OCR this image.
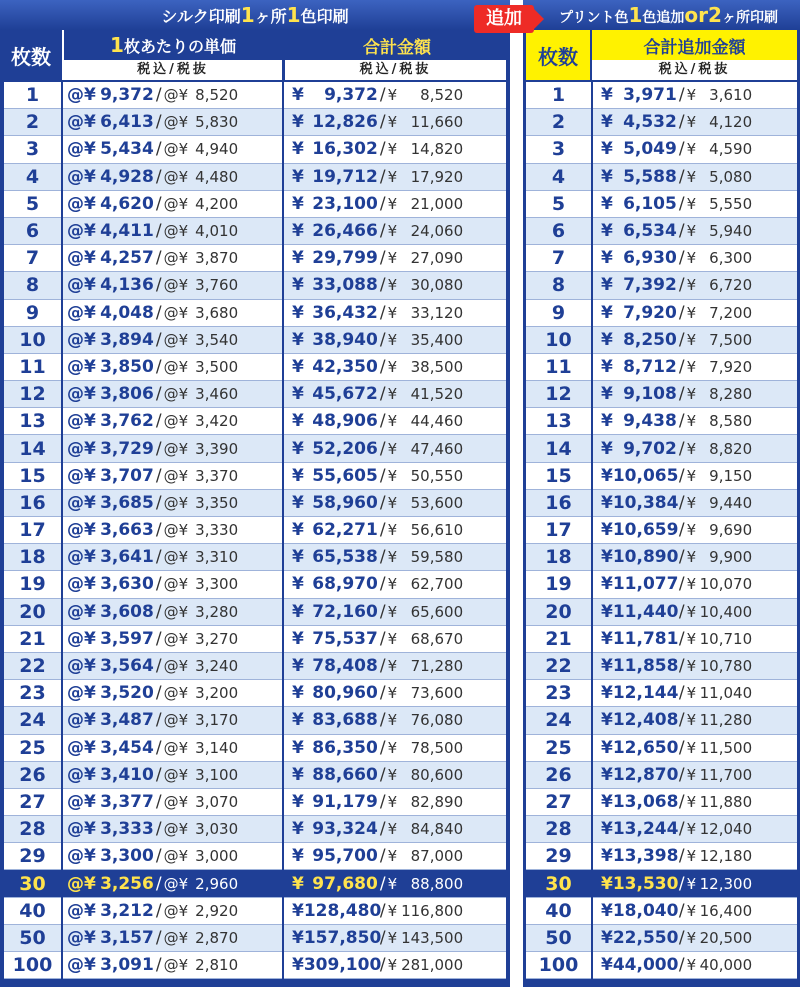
シルク印刷1ヶ所1色印刷
枚数	1 枚あたりの単価	合計金額
税込/税抜	税込/税抜
1	@¥ 9,372 / @¥ 8,520	¥ 9,372 / ¥ 8,520
2	@¥ 6,413 / @¥ 5,830	¥ 12,826 / ¥ 11,660
3	@¥ 5,434 / @¥ 4,940	¥ 16,302 / ¥ 14,820
4	@¥ 4,928 / @¥ 4,480	¥ 19,712 / ¥ 17,920
5	@¥ 4,620 / @¥ 4,200	¥ 23,100 / ¥ 21,000
6	@¥ 4,411 / @¥ 4,010	¥ 26,466 / ¥ 24,060
7	@¥ 4,257 / @¥ 3,870	¥ 29,799 / ¥ 27,090
8	@¥ 4,136 / @¥ 3,760	¥ 33,088 / ¥ 30,080
9	@¥ 4,048 / @¥ 3,680	¥ 36,432 / ¥ 33,120
10	@¥ 3,894 / @¥ 3,540	¥ 38,940 / ¥ 35,400
11	@¥ 3,850 / @¥ 3,500	¥ 42,350 / ¥ 38,500
12	@¥ 3,806 / @¥ 3,460	¥ 45,672 / ¥ 41,520
13	@¥ 3,762 / @¥ 3,420	¥ 48,906 / ¥ 44,460
14	@¥ 3,729 / @¥ 3,390	¥ 52,206 / ¥ 47,460
15	@¥ 3,707 / @¥ 3,370	¥ 55,605 / ¥ 50,550
16	@¥ 3,685 / @¥ 3,350	¥ 58,960 / ¥ 53,600
17	@¥ 3,663 / @¥ 3,330	¥ 62,271 / ¥ 56,610
18	@¥ 3,641 / @¥ 3,310	¥ 65,538 / ¥ 59,580
19	@¥ 3,630 / @¥ 3,300	¥ 68,970 / ¥ 62,700
20	@¥ 3,608 / @¥ 3,280	¥ 72,160 / ¥ 65,600
21	@¥ 3,597 / @¥ 3,270	¥ 75,537 / ¥ 68,670
22	@¥ 3,564 / @¥ 3,240	¥ 78,408 / ¥ 71,280
23	@¥ 3,520 / @¥ 3,200	¥ 80,960 / ¥ 73,600
24	@¥ 3,487 / @¥ 3,170	¥ 83,688 / ¥ 76,080
25	@¥ 3,454 / @¥ 3,140	¥ 86,350 / ¥ 78,500
26	@¥ 3,410 / @¥ 3,100	¥ 88,660 / ¥ 80,600
27	@¥ 3,377 / @¥ 3,070	¥ 91,179 / ¥ 82,890
28	@¥ 3,333 / @¥ 3,030	¥ 93,324 / ¥ 84,840
29	@¥ 3,300 / @¥ 3,000	¥ 95,700 / ¥ 87,000
30	@¥ 3,256 / @¥ 2,960	¥ 97,680 / ¥ 88,800
40	@¥ 3,212 / @¥ 2,920	¥128,480/ ¥ 116,800
50	@¥ 3,157 / @¥ 2,870	¥157,850/ ¥ 143,500
100	@¥ 3,091 / @¥ 2,810	¥309,100/ ¥ 281,000
プリント色1色追加or2ヶ所印刷
枚数	合計追加金額
税込/税抜
1	¥ 3,971 / ¥ 3,610
2	¥ 4,532 / ¥ 4,120
3	¥ 5,049 / ¥ 4,590
4	¥ 5,588 / ¥ 5,080
5	¥ 6,105 / ¥ 5,550
6	¥ 6,534 / ¥ 5,940
7	¥ 6,930 / ¥ 6,300
8	¥ 7,392 / ¥ 6,720
9	¥ 7,920 / ¥ 7,200
10	¥ 8,250 / ¥ 7,500
11	¥ 8,712 / ¥ 7,920
12	¥ 9,108 / ¥ 8,280
13	¥ 9,438 / ¥ 8,580
14	¥ 9,702 / ¥ 8,820
15	¥10,065/ ¥ 9,150
16	¥10,384/ ¥ 9,440
17	¥10,659/ ¥ 9,690
18	¥10,890/ ¥ 9,900
19	¥11,077/ ¥ 10,070
20	¥11,440/ ¥ 10,400
21	¥11,781/ ¥ 10,710
22	¥11,858/ ¥ 10,780
23	¥12,144/ ¥ 11,040
24	¥12,408/ ¥ 11,280
25	¥12,650/ ¥ 11,500
26	¥12,870/ ¥ 11,700
27	¥13,068/ ¥ 11,880
28	¥13,244/ ¥ 12,040
29	¥13,398/ ¥ 12,180
30	¥13,530/ ¥ 12,300
40	¥18,040/ ¥ 16,400
50	¥22,550/ ¥ 20,500
100	¥44,000/ ¥ 40,000
追加
